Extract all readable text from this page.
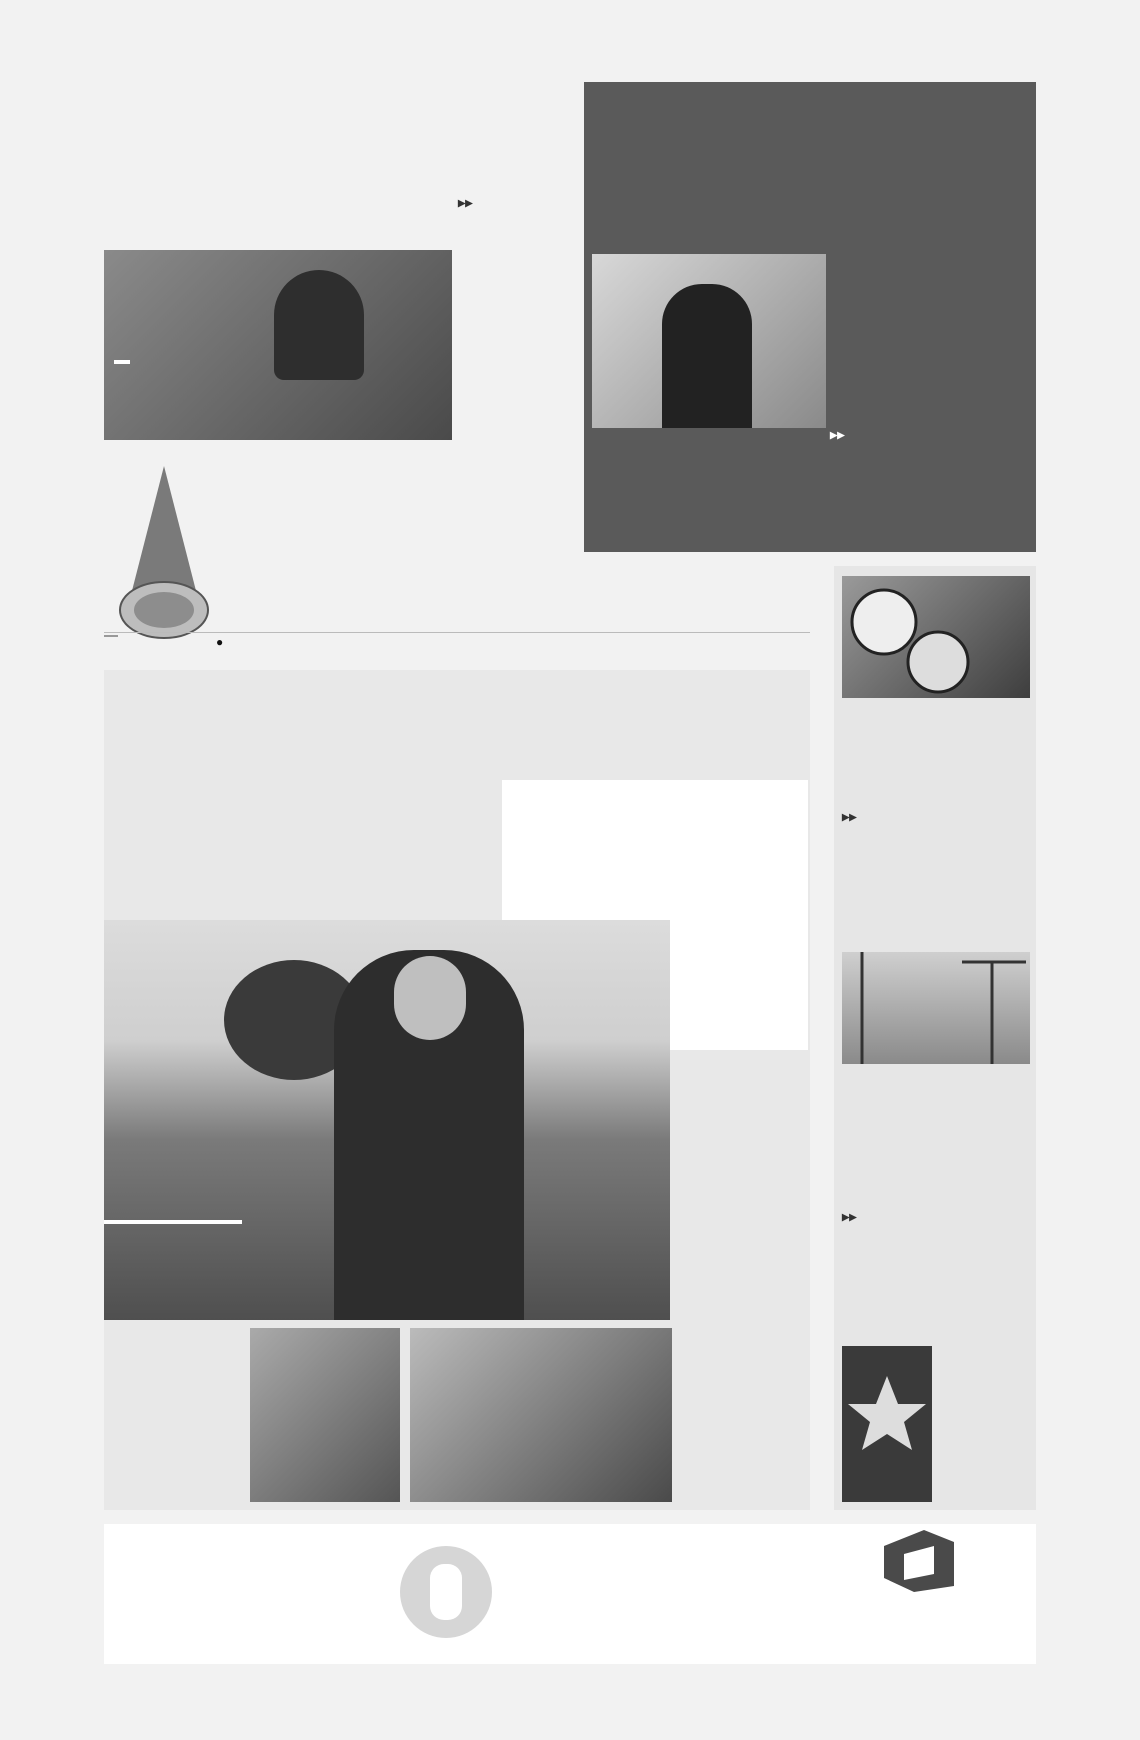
▶▶
▶▶
●
▶▶
▶▶
